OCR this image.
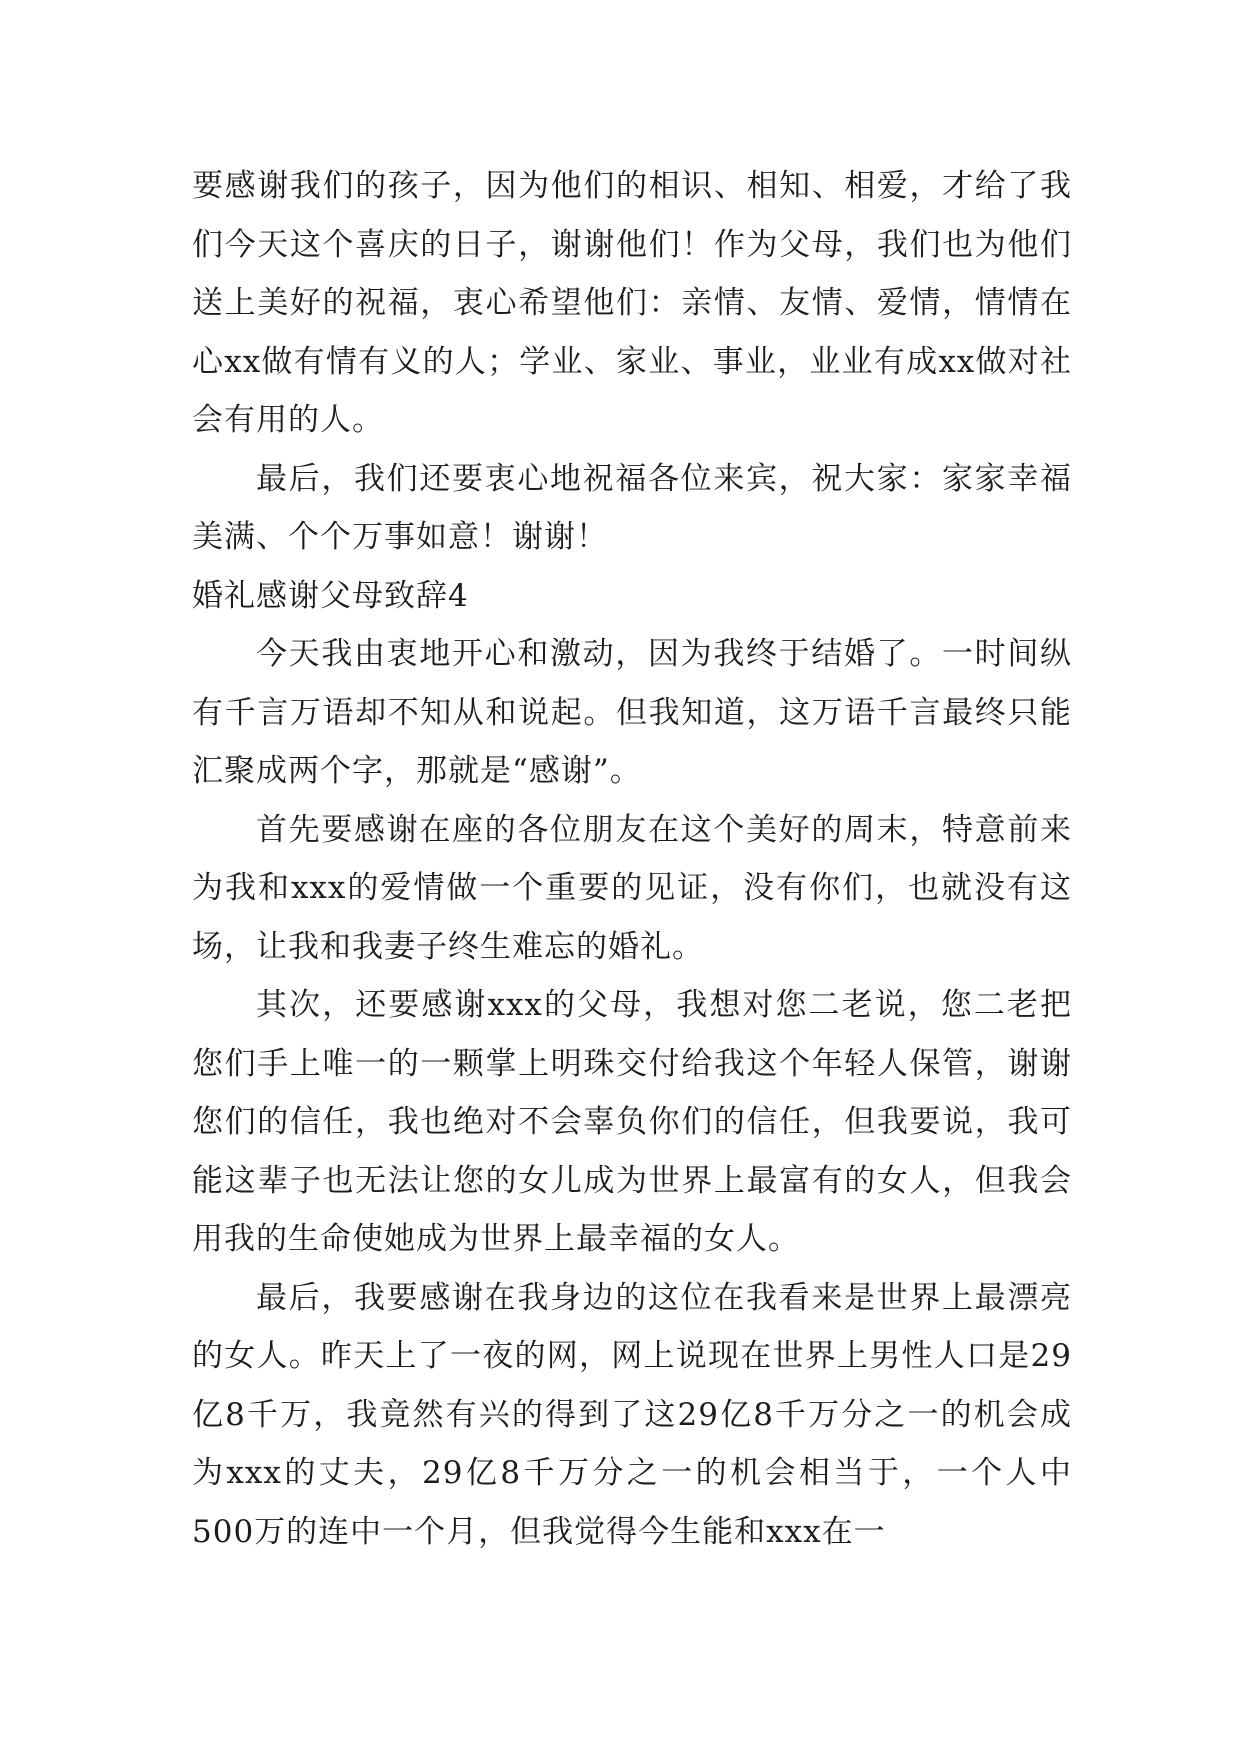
要感谢我们的孩子，因为他们的相识、相知、相爱，才给了我们今天这个喜庆的日子，谢谢他们！作为父母，我们也为他们送上美好的祝福，衷心希望他们：亲情、友情、爱情，情情在心xx做有情有义的人；学业、家业、事业，业业有成xx做对社会有用的人。

最后，我们还要衷心地祝福各位来宾，祝大家：家家幸福美满、个个万事如意！谢谢！

婚礼感谢父母致辞4

今天我由衷地开心和激动，因为我终于结婚了。一时间纵有千言万语却不知从和说起。但我知道，这万语千言最终只能汇聚成两个字，那就是“感谢”。

首先要感谢在座的各位朋友在这个美好的周末，特意前来为我和xxx的爱情做一个重要的见证，没有你们，也就没有这场，让我和我妻子终生难忘的婚礼。

其次，还要感谢xxx的父母，我想对您二老说，您二老把您们手上唯一的一颗掌上明珠交付给我这个年轻人保管，谢谢您们的信任，我也绝对不会辜负你们的信任，但我要说，我可能这辈子也无法让您的女儿成为世界上最富有的女人，但我会用我的生命使她成为世界上最幸福的女人。

最后，我要感谢在我身边的这位在我看来是世界上最漂亮的女人。昨天上了一夜的网，网上说现在世界上男性人口是29亿8千万，我竟然有兴的得到了这29亿8千万分之一的机会成为xxx的丈夫，29亿8千万分之一的机会相当于，一个人中500万的连中一个月，但我觉得今生能和xxx在一
